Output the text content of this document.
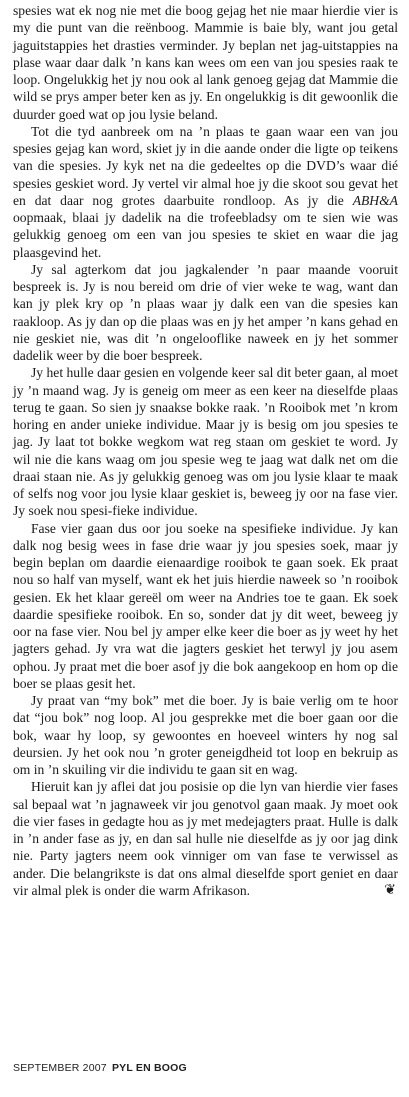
spesies wat ek nog nie met die boog gejag het nie maar hierdie vier is my die punt van die reënboog. Mammie is baie bly, want jou getal jaguitstappies het drasties verminder. Jy beplan net jag-uitstappies na plase waar daar dalk ’n kans kan wees om een van jou spesies raak te loop. Ongelukkig het jy nou ook al lank genoeg gejag dat Mammie die wild se prys amper beter ken as jy. En ongelukkig is dit gewoonlik die duurder goed wat op jou lysie beland.

Tot die tyd aanbreek om na ’n plaas te gaan waar een van jou spesies gejag kan word, skiet jy in die aande onder die ligte op teikens van die spesies. Jy kyk net na die gedeeltes op die DVD’s waar dié spesies geskiet word. Jy vertel vir almal hoe jy die skoot sou gevat het en dat daar nog grotes daarbuite rondloop. As jy die ABH&A oopmaak, blaai jy dadelik na die trofeebladsy om te sien wie was gelukkig genoeg om een van jou spesies te skiet en waar die jag plaasgevind het.

Jy sal agterkom dat jou jagkalender ’n paar maande vooruit bespreek is. Jy is nou bereid om drie of vier weke te wag, want dan kan jy plek kry op ’n plaas waar jy dalk een van die spesies kan raakloop. As jy dan op die plaas was en jy het amper ’n kans gehad en nie geskiet nie, was dit ’n ongelooflike naweek en jy het sommer dadelik weer by die boer bespreek.

Jy het hulle daar gesien en volgende keer sal dit beter gaan, al moet jy ’n maand wag. Jy is geneig om meer as een keer na dieselfde plaas terug te gaan. So sien jy snaakse bokke raak. ’n Rooibok met ’n krom horing en ander unieke individue. Maar jy is besig om jou spesies te jag. Jy laat tot bokke wegkom wat reg staan om geskiet te word. Jy wil nie die kans waag om jou spesie weg te jaag wat dalk net om die draai staan nie. As jy gelukkig genoeg was om jou lysie klaar te maak of selfs nog voor jou lysie klaar geskiet is, beweeg jy oor na fase vier. Jy soek nou spesi-fieke individue.

Fase vier gaan dus oor jou soeke na spesifieke individue. Jy kan dalk nog besig wees in fase drie waar jy jou spesies soek, maar jy begin beplan om daardie eienaardige rooibok te gaan soek. Ek praat nou so half van myself, want ek het juis hierdie naweek so ’n rooibok gesien. Ek het klaar gereël om weer na Andries toe te gaan. Ek soek daardie spesifieke rooibok. En so, sonder dat jy dit weet, beweeg jy oor na fase vier. Nou bel jy amper elke keer die boer as jy weet hy het jagters gehad. Jy vra wat die jagters geskiet het terwyl jy jou asem ophou. Jy praat met die boer asof jy die bok aangekoop en hom op die boer se plaas gesit het.

Jy praat van “my bok” met die boer. Jy is baie verlig om te hoor dat “jou bok” nog loop. Al jou gesprekke met die boer gaan oor die bok, waar hy loop, sy gewoontes en hoeveel winters hy nog sal deursien. Jy het ook nou ’n groter geneigdheid tot loop en bekruip as om in ’n skuiling vir die individu te gaan sit en wag.

Hieruit kan jy aflei dat jou posisie op die lyn van hierdie vier fases sal bepaal wat ’n jagnaweek vir jou genotvol gaan maak. Jy moet ook die vier fases in gedagte hou as jy met medejagters praat. Hulle is dalk in ’n ander fase as jy, en dan sal hulle nie dieselfde as jy oor jag dink nie. Party jagters neem ook vinniger om van fase te verwissel as ander. Die belangrikste is dat ons almal dieselfde sport geniet en daar vir almal plek is onder die warm Afrikason.	❦

SEPTEMBER 2007 PYL EN BOOG
